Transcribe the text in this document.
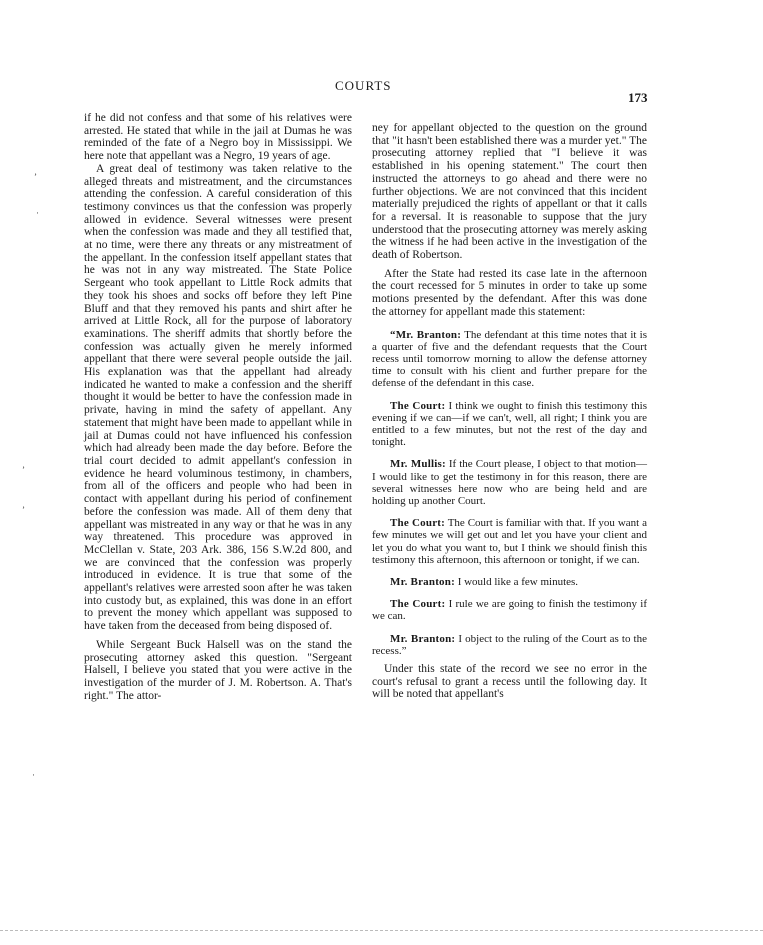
COURTS
173

if he did not confess and that some of his relatives were arrested. He stated that while in the jail at Dumas he was reminded of the fate of a Negro boy in Mississippi. We here note that appellant was a Negro, 19 years of age.

A great deal of testimony was taken relative to the alleged threats and mistreatment, and the circumstances attending the confession. A careful consideration of this testimony convinces us that the confession was properly allowed in evidence. Several witnesses were present when the confession was made and they all testified that, at no time, were there any threats or any mistreatment of the appellant. In the confession itself appellant states that he was not in any way mistreated. The State Police Sergeant who took appellant to Little Rock admits that they took his shoes and socks off before they left Pine Bluff and that they removed his pants and shirt after he arrived at Little Rock, all for the purpose of laboratory examinations. The sheriff admits that shortly before the confession was actually given he merely informed appellant that there were several people outside the jail. His explanation was that the appellant had already indicated he wanted to make a confession and the sheriff thought it would be better to have the confession made in private, having in mind the safety of appellant. Any statement that might have been made to appellant while in jail at Dumas could not have influenced his confession which had already been made the day before. Before the trial court decided to admit appellant's confession in evidence he heard voluminous testimony, in chambers, from all of the officers and people who had been in contact with appellant during his period of confinement before the confession was made. All of them deny that appellant was mistreated in any way or that he was in any way threatened. This procedure was approved in McClellan v. State, 203 Ark. 386, 156 S.W.2d 800, and we are convinced that the confession was properly introduced in evidence. It is true that some of the appellant's relatives were arrested soon after he was taken into custody but, as explained, this was done in an effort to prevent the money which appellant was supposed to have taken from the deceased from being disposed of.

While Sergeant Buck Halsell was on the stand the prosecuting attorney asked this question. "Sergeant Halsell, I believe you stated that you were active in the investigation of the murder of J. M. Robertson. A. That's right." The attor-

ney for appellant objected to the question on the ground that "it hasn't been established there was a murder yet." The prosecuting attorney replied that "I believe it was established in his opening statement." The court then instructed the attorneys to go ahead and there were no further objections. We are not convinced that this incident materially prejudiced the rights of appellant or that it calls for a reversal. It is reasonable to suppose that the jury understood that the prosecuting attorney was merely asking the witness if he had been active in the investigation of the death of Robertson.

After the State had rested its case late in the afternoon the court recessed for 5 minutes in order to take up some motions presented by the defendant. After this was done the attorney for appellant made this statement:

“Mr. Branton: The defendant at this time notes that it is a quarter of five and the defendant requests that the Court recess until tomorrow morning to allow the defense attorney time to consult with his client and further prepare for the defense of the defendant in this case.

The Court: I think we ought to finish this testimony this evening if we can—if we can't, well, all right; I think you are entitled to a few minutes, but not the rest of the day and tonight.

Mr. Mullis: If the Court please, I object to that motion—I would like to get the testimony in for this reason, there are several witnesses here now who are being held and are holding up another Court.

The Court: The Court is familiar with that. If you want a few minutes we will get out and let you have your client and let you do what you want to, but I think we should finish this testimony this afternoon, this afternoon or tonight, if we can.

Mr. Branton: I would like a few minutes.

The Court: I rule we are going to finish the testimony if we can.

Mr. Branton: I object to the ruling of the Court as to the recess.”

Under this state of the record we see no error in the court's refusal to grant a recess until the following day. It will be noted that appellant's

’
·
’
’
·
